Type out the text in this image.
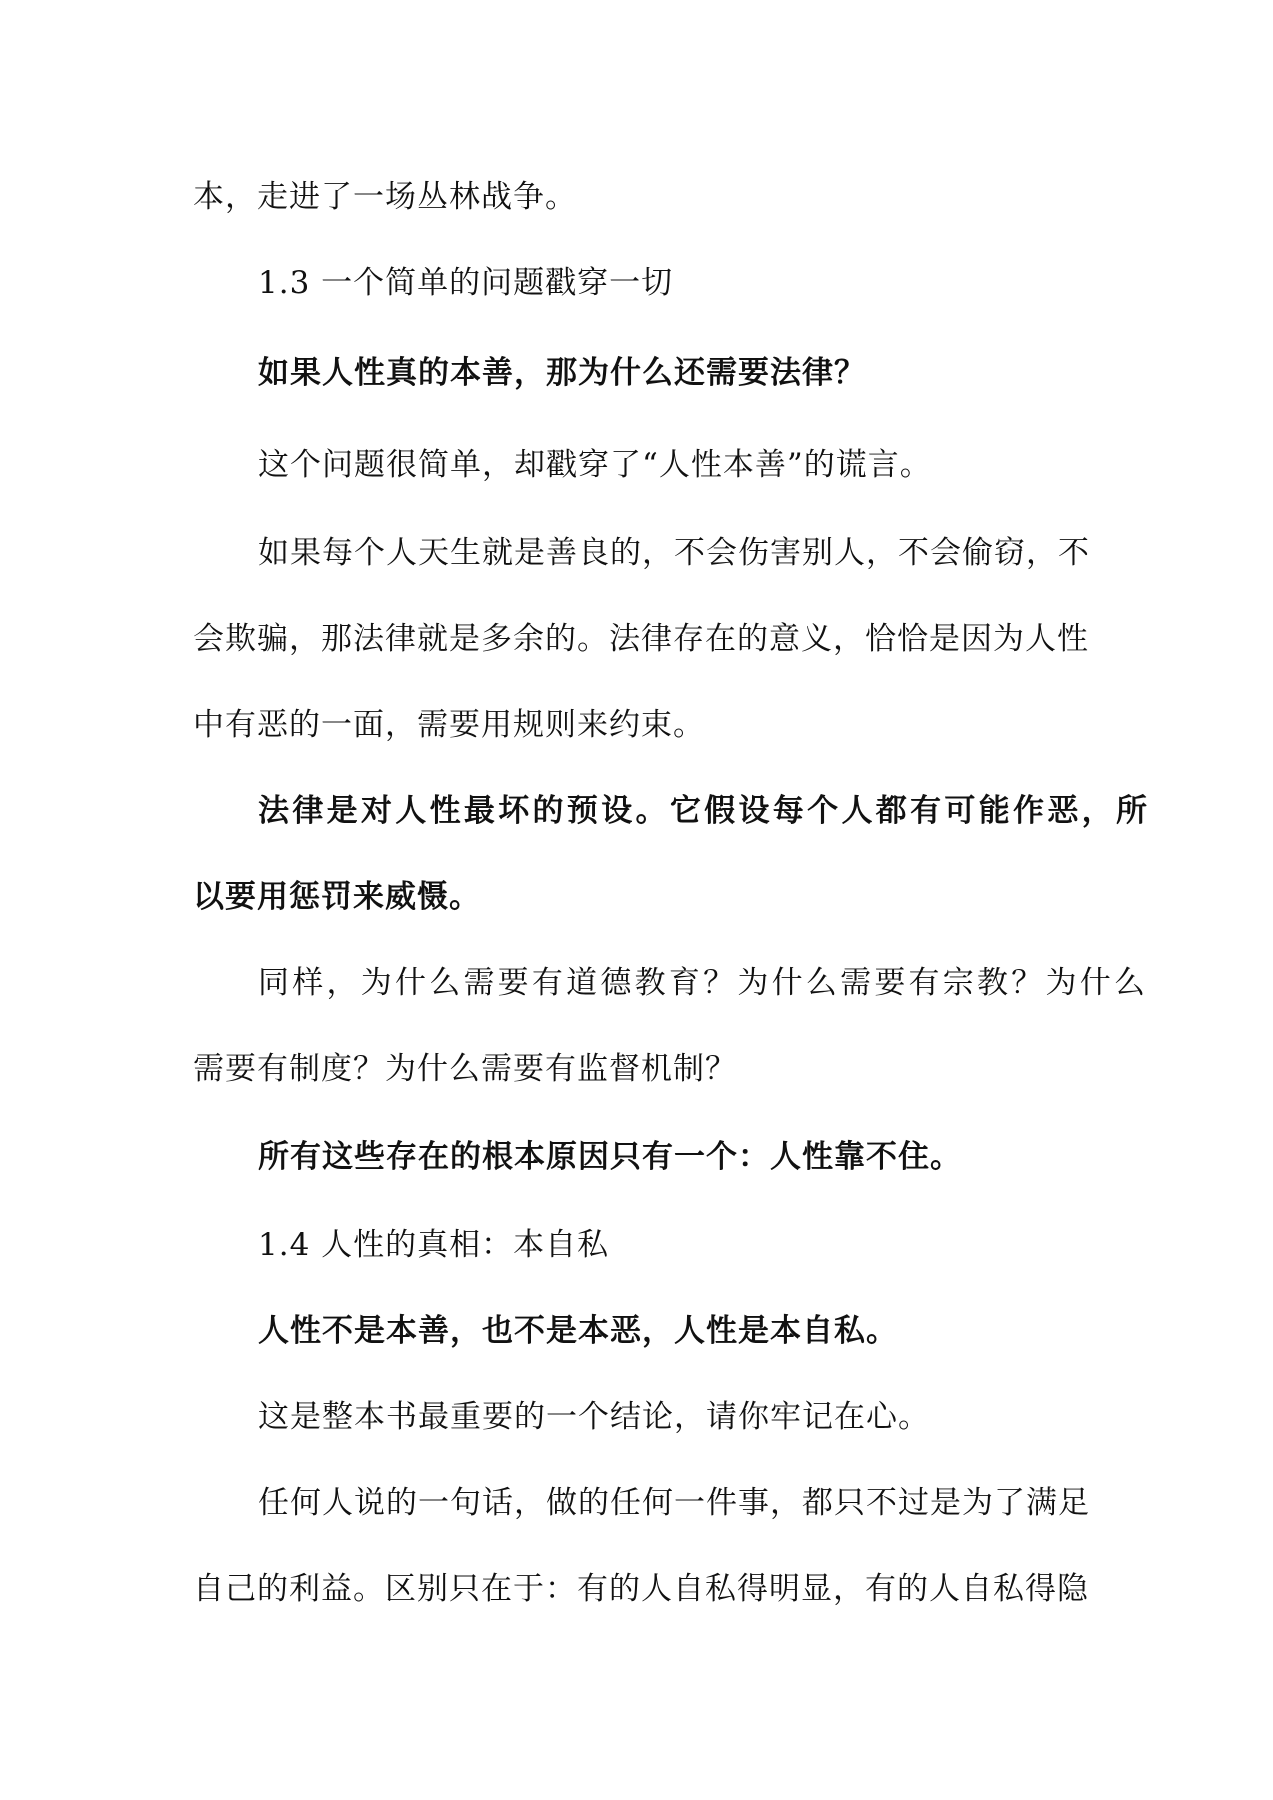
本，走进了一场丛林战争。
1.3 一个简单的问题戳穿一切
如果人性真的本善，那为什么还需要法律？
这个问题很简单，却戳穿了“人性本善”的谎言。
如果每个人天生就是善良的，不会伤害别人，不会偷窃，不
会欺骗，那法律就是多余的。法律存在的意义，恰恰是因为人性
中有恶的一面，需要用规则来约束。
法律是对人性最坏的预设。它假设每个人都有可能作恶，所
以要用惩罚来威慑。
同样，为什么需要有道德教育？为什么需要有宗教？为什么
需要有制度？为什么需要有监督机制？
所有这些存在的根本原因只有一个：人性靠不住。
1.4 人性的真相：本自私
人性不是本善，也不是本恶，人性是本自私。
这是整本书最重要的一个结论，请你牢记在心。
任何人说的一句话，做的任何一件事，都只不过是为了满足
自己的利益。区别只在于：有的人自私得明显，有的人自私得隐
